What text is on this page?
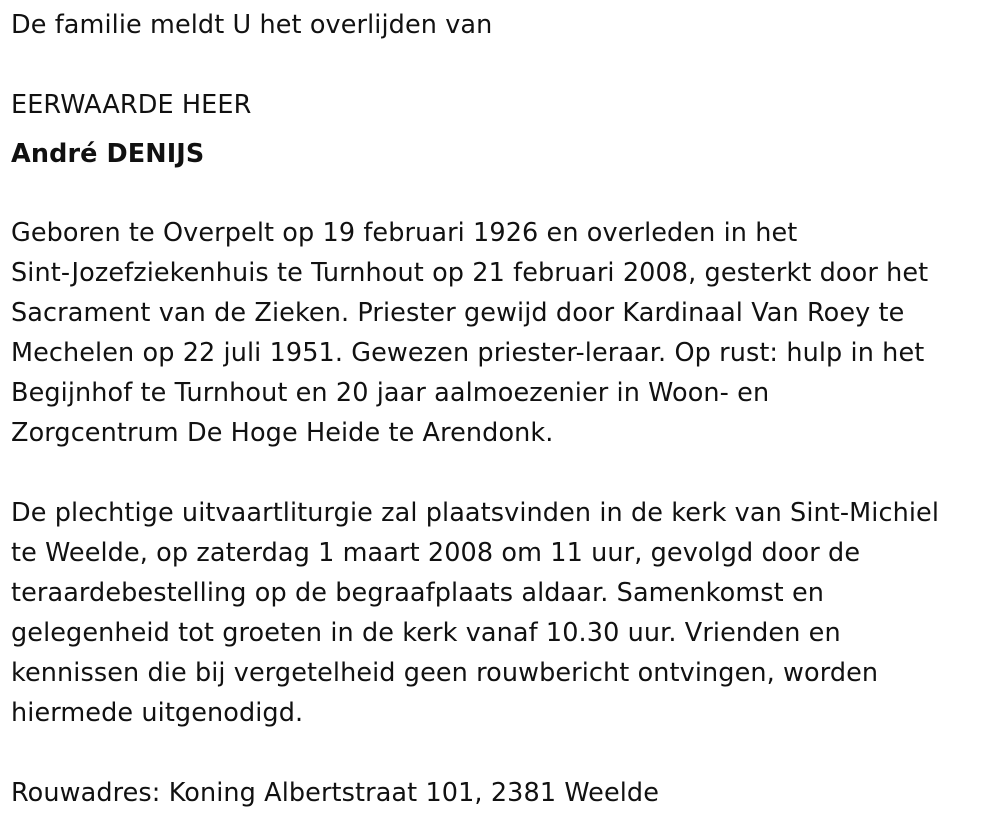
De familie meldt U het overlijden van
EERWAARDE HEER
André DENIJS
Geboren te Overpelt op 19 februari 1926 en overleden in het
Sint-Jozefziekenhuis te Turnhout op 21 februari 2008, gesterkt door het
Sacrament van de Zieken. Priester gewijd door Kardinaal Van Roey te
Mechelen op 22 juli 1951. Gewezen priester-leraar. Op rust: hulp in het
Begijnhof te Turnhout en 20 jaar aalmoezenier in Woon- en
Zorgcentrum De Hoge Heide te Arendonk.
De plechtige uitvaartliturgie zal plaatsvinden in de kerk van Sint-Michiel
te Weelde, op zaterdag 1 maart 2008 om 11 uur, gevolgd door de
teraardebestelling op de begraafplaats aldaar. Samenkomst en
gelegenheid tot groeten in de kerk vanaf 10.30 uur. Vrienden en
kennissen die bij vergetelheid geen rouwbericht ontvingen, worden
hiermede uitgenodigd.
Rouwadres: Koning Albertstraat 101, 2381 Weelde
